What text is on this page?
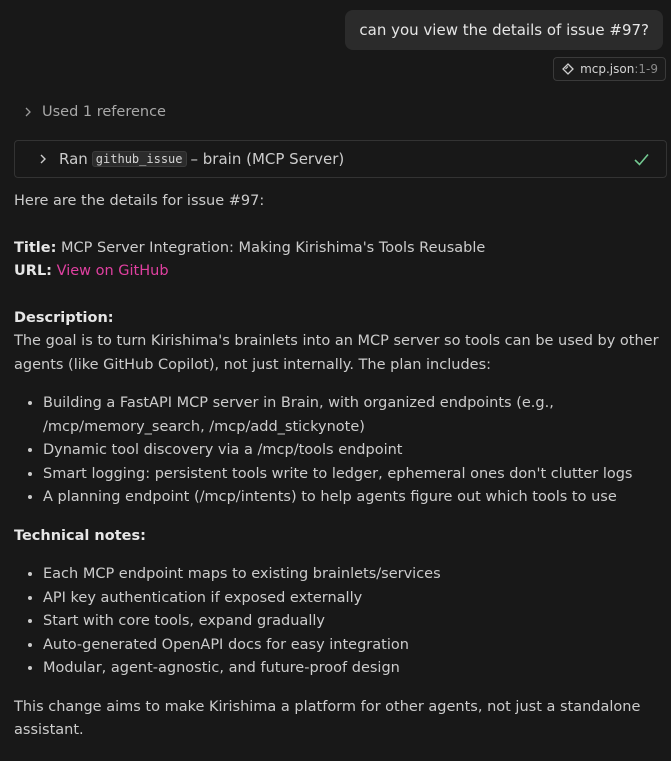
can you view the details of issue #97?
mcp.json :1-9
Used 1 reference
Ran github_issue – brain (MCP Server)

Here are the details for issue #97:

Title: MCP Server Integration: Making Kirishima's Tools Reusable

URL: View on GitHub

Description:

The goal is to turn Kirishima's brainlets into an MCP server so tools can be used by other agents (like GitHub Copilot), not just internally. The plan includes:

• Building a FastAPI MCP server in Brain, with organized endpoints (e.g., /mcp/memory_search, /mcp/add_stickynote)
• Dynamic tool discovery via a /mcp/tools endpoint
• Smart logging: persistent tools write to ledger, ephemeral ones don't clutter logs
• A planning endpoint (/mcp/intents) to help agents figure out which tools to use

Technical notes:

• Each MCP endpoint maps to existing brainlets/services
• API key authentication if exposed externally
• Start with core tools, expand gradually
• Auto-generated OpenAPI docs for easy integration
• Modular, agent-agnostic, and future-proof design

This change aims to make Kirishima a platform for other agents, not just a standalone assistant.
